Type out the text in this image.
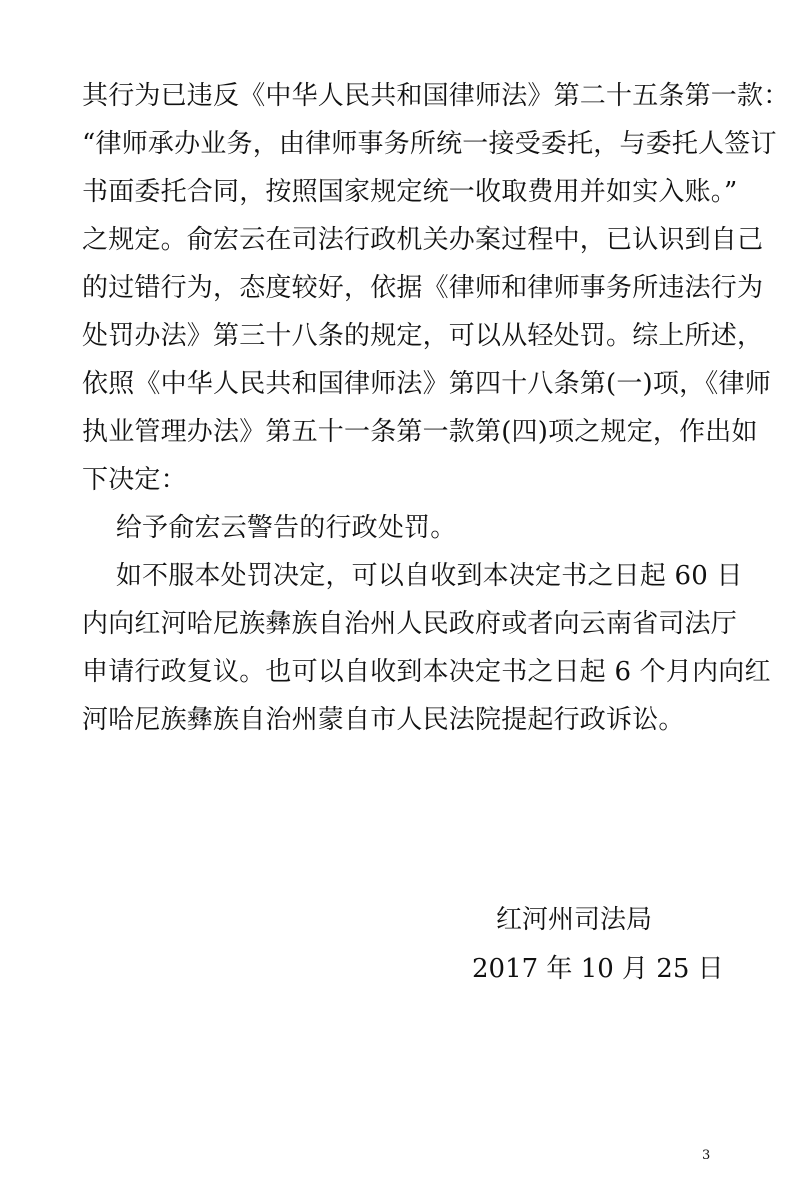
其行为已违反《中华人民共和国律师法》第二十五条第一款：
“律师承办业务，由律师事务所统一接受委托，与委托人签订
书面委托合同，按照国家规定统一收取费用并如实入账。”
之规定。俞宏云在司法行政机关办案过程中，已认识到自己
的过错行为，态度较好，依据《律师和律师事务所违法行为
处罚办法》第三十八条的规定，可以从轻处罚。综上所述，
依照《中华人民共和国律师法》第四十八条第(一)项，《律师
执业管理办法》第五十一条第一款第(四)项之规定，作出如
下决定：
给予俞宏云警告的行政处罚。
如不服本处罚决定，可以自收到本决定书之日起 60 日
内向红河哈尼族彝族自治州人民政府或者向云南省司法厅
申请行政复议。也可以自收到本决定书之日起 6 个月内向红
河哈尼族彝族自治州蒙自市人民法院提起行政诉讼。
红河州司法局
2017 年 10 月 25 日
3
